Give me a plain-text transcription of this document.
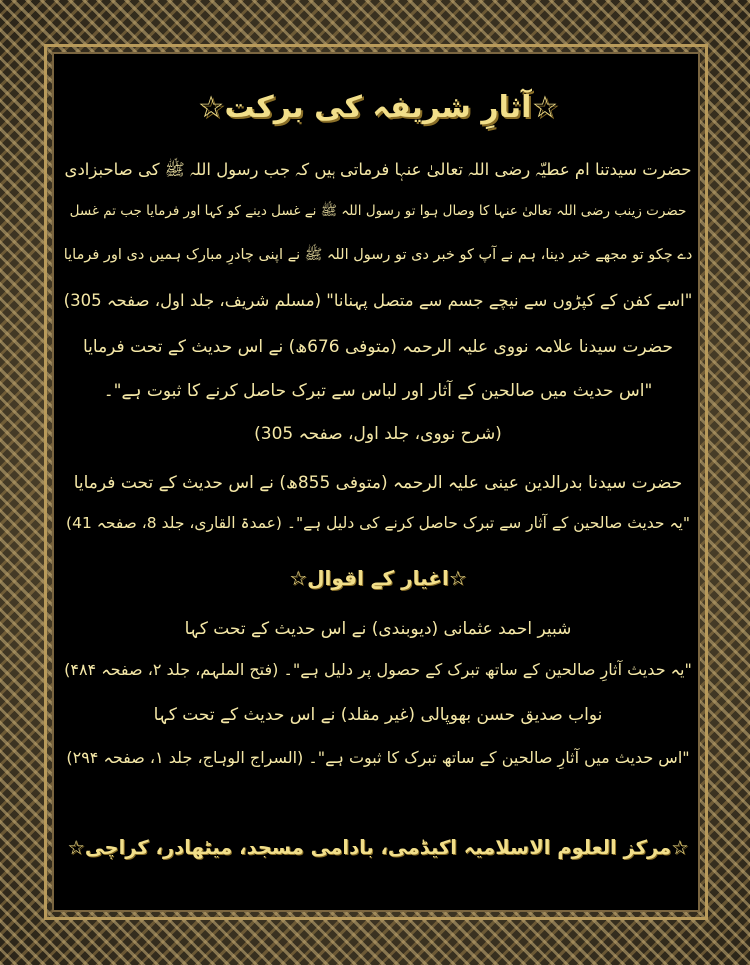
☆آثارِ شریفہ کی برکت☆
حضرت سیدتنا ام عطیّہ رضی اللہ تعالیٰ عنہا فرماتی ہیں کہ جب رسول اللہ ﷺ کی صاحبزادی
حضرت زینب رضی اللہ تعالیٰ عنہا کا وصال ہوا تو رسول اللہ ﷺ نے غسل دینے کو کہا اور فرمایا جب تم غسل
دے چکو تو مجھے خبر دینا، ہم نے آپ کو خبر دی تو رسول اللہ ﷺ نے اپنی چادرِ مبارک ہمیں دی اور فرمایا
"اسے کفن کے کپڑوں سے نیچے جسم سے متصل پہنانا" (مسلم شریف، جلد اول، صفحہ 305)
حضرت سیدنا علامہ نووی علیہ الرحمہ (متوفی 676ھ) نے اس حدیث کے تحت فرمایا
"اس حدیث میں صالحین کے آثار اور لباس سے تبرک حاصل کرنے کا ثبوت ہے"۔
(شرح نووی، جلد اول، صفحہ 305)
حضرت سیدنا بدرالدین عینی علیہ الرحمہ (متوفی 855ھ) نے اس حدیث کے تحت فرمایا
"یہ حدیث صالحین کے آثار سے تبرک حاصل کرنے کی دلیل ہے"۔ (عمدۃ القاری، جلد 8، صفحہ 41)
☆اغیار کے اقوال☆
شبیر احمد عثمانی (دیوبندی) نے اس حدیث کے تحت کہا
"یہ حدیث آثارِ صالحین کے ساتھ تبرک کے حصول پر دلیل ہے"۔ (فتح الملہم، جلد ۲، صفحہ ۴۸۴)
نواب صدیق حسن بھوپالی (غیر مقلد) نے اس حدیث کے تحت کہا
"اس حدیث میں آثارِ صالحین کے ساتھ تبرک کا ثبوت ہے"۔ (السراج الوہاج، جلد ۱، صفحہ ۲۹۴)
☆مرکز العلوم الاسلامیہ اکیڈمی، بادامی مسجد، میٹھادر، کراچی☆
